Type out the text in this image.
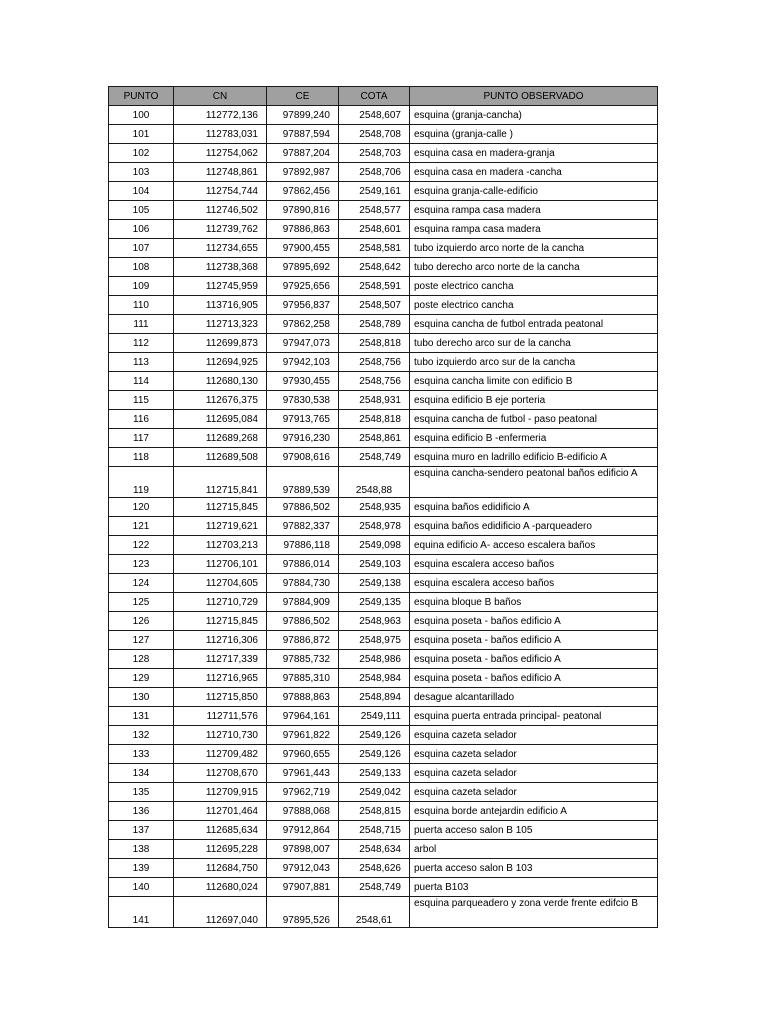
PUNTO	CN	CE	COTA	PUNTO OBSERVADO
100	112772,136	97899,240	2548,607	esquina (granja-cancha)
101	112783,031	97887,594	2548,708	esquina (granja-calle )
102	112754,062	97887,204	2548,703	esquina casa en madera-granja
103	112748,861	97892,987	2548,706	esquina casa en madera -cancha
104	112754,744	97862,456	2549,161	esquina granja-calle-edificio
105	112746,502	97890,816	2548,577	esquina rampa casa madera
106	112739,762	97886,863	2548,601	esquina rampa casa madera
107	112734,655	97900,455	2548,581	tubo izquierdo arco norte de la cancha
108	112738,368	97895,692	2548,642	tubo derecho arco norte de la cancha
109	112745,959	97925,656	2548,591	poste electrico cancha
110	113716,905	97956,837	2548,507	poste electrico cancha
111	112713,323	97862,258	2548,789	esquina cancha de futbol entrada peatonal
112	112699,873	97947,073	2548,818	tubo derecho arco sur de la cancha
113	112694,925	97942,103	2548,756	tubo izquierdo arco sur de la cancha
114	112680,130	97930,455	2548,756	esquina cancha limite con edificio B
115	112676,375	97830,538	2548,931	esquina edificio B eje porteria
116	112695,084	97913,765	2548,818	esquina cancha de futbol - paso peatonal
117	112689,268	97916,230	2548,861	esquina edificio B -enfermeria
118	112689,508	97908,616	2548,749	esquina muro en ladrillo edificio B-edificio A
119	112715,841	97889,539	2548,88	esquina cancha-sendero peatonal baños edificio A
120	112715,845	97886,502	2548,935	esquina baños edidificio A
121	112719,621	97882,337	2548,978	esquina baños edidificio A -parqueadero
122	112703,213	97886,118	2549,098	equina edificio A- acceso escalera baños
123	112706,101	97886,014	2549,103	esquina escalera acceso baños
124	112704,605	97884,730	2549,138	esquina escalera acceso baños
125	112710,729	97884,909	2549,135	esquina bloque B baños
126	112715,845	97886,502	2548,963	esquina poseta - baños edificio A
127	112716,306	97886,872	2548,975	esquina poseta - baños edificio A
128	112717,339	97885,732	2548,986	esquina poseta - baños edificio A
129	112716,965	97885,310	2548,984	esquina poseta - baños edificio A
130	112715,850	97888,863	2548,894	desague alcantarillado
131	112711,576	97964,161	2549,111	esquina puerta entrada principal- peatonal
132	112710,730	97961,822	2549,126	esquina cazeta selador
133	112709,482	97960,655	2549,126	esquina cazeta selador
134	112708,670	97961,443	2549,133	esquina cazeta selador
135	112709,915	97962,719	2549,042	esquina cazeta selador
136	112701,464	97888,068	2548,815	esquina borde antejardin edificio A
137	112685,634	97912,864	2548,715	puerta acceso salon B 105
138	112695,228	97898,007	2548,634	arbol
139	112684,750	97912,043	2548,626	puerta acceso salon B 103
140	112680,024	97907,881	2548,749	puerta B103
141	112697,040	97895,526	2548,61	esquina parqueadero y zona verde frente edifcio B
